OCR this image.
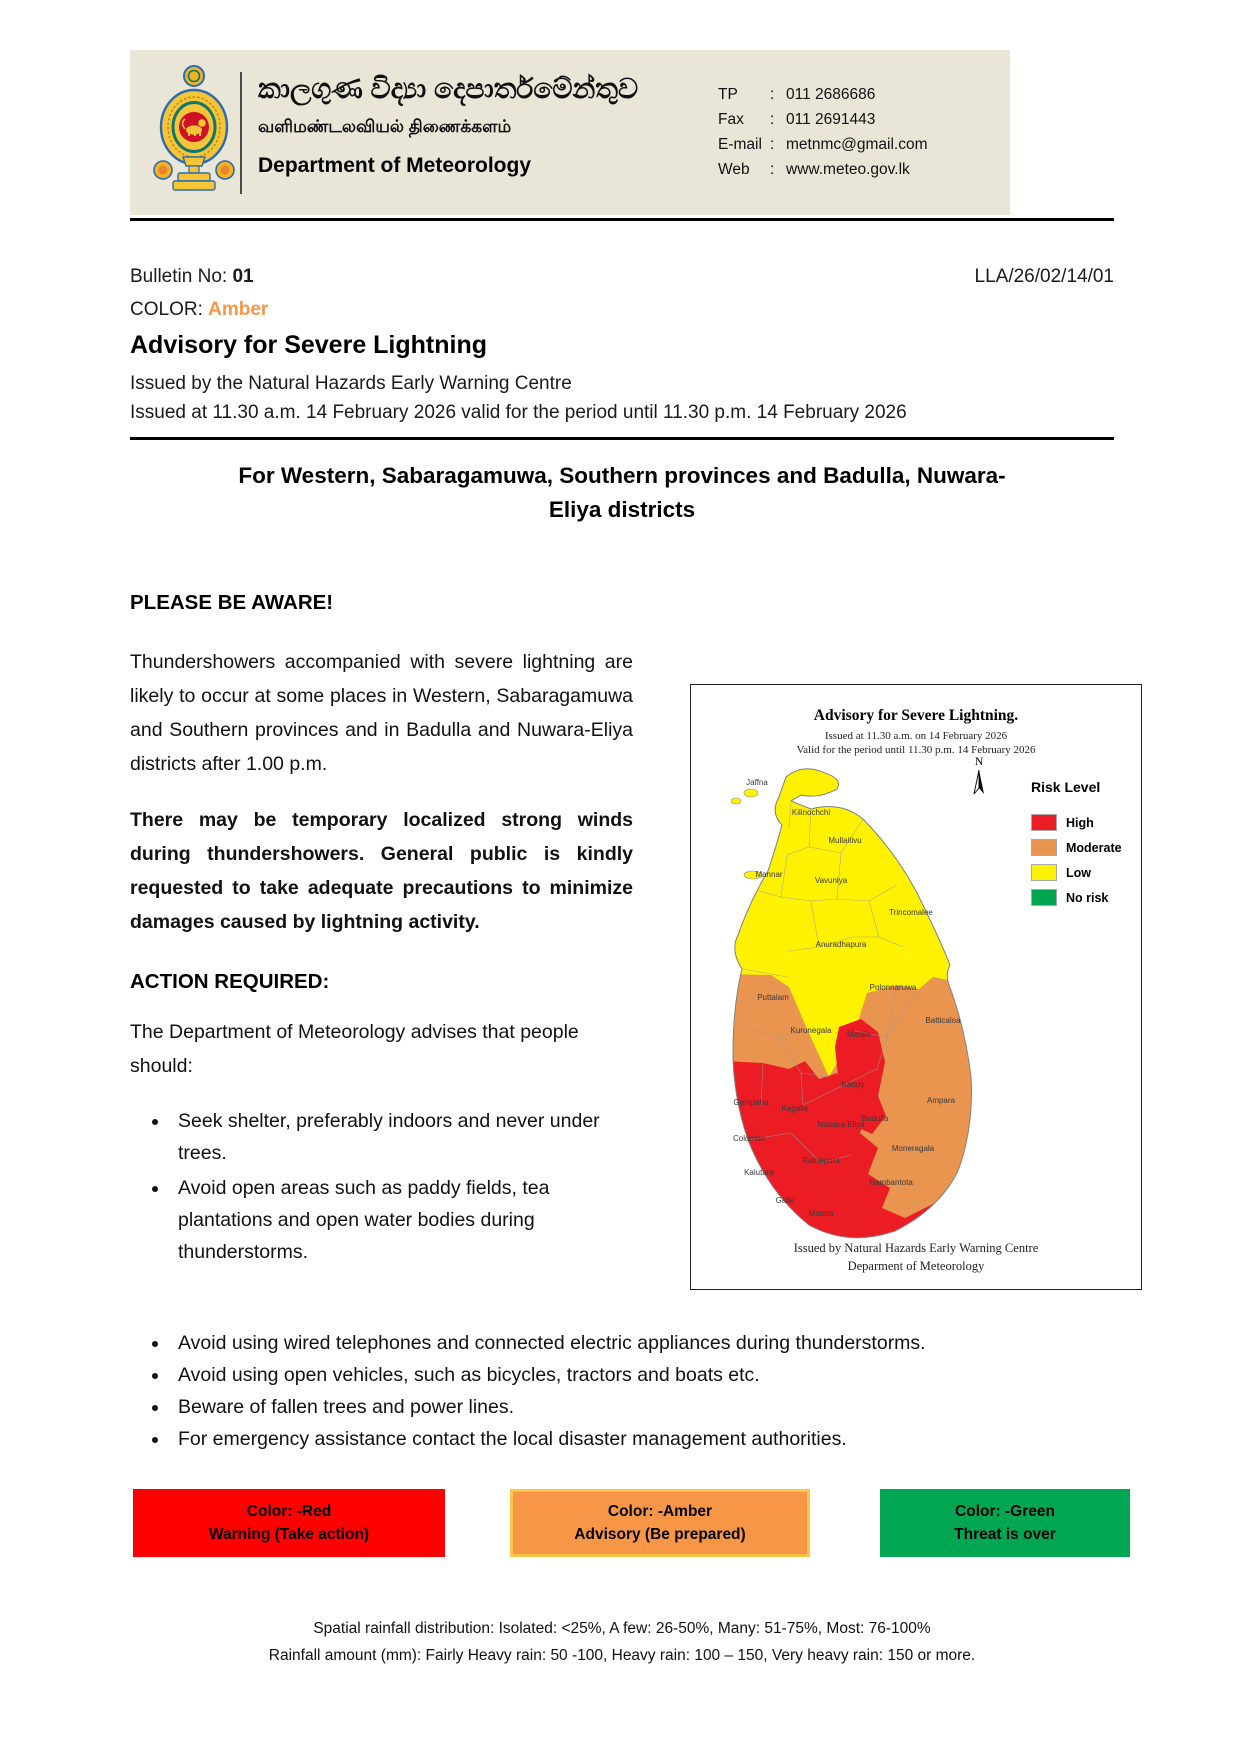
කාලගුණ විද්‍යා දෙපාර්තමේන්තුව
வளிமண்டலவியல் திணைக்களம்
Department of Meteorology
TP	: 011 2686686
Fax	: 011 2691443
E-mail : metnmc@gmail.com
Web	: www.meteo.gov.lk
Bulletin No: 01	LLA/26/02/14/01
COLOR: Amber
Advisory for Severe Lightning
Issued by the Natural Hazards Early Warning Centre
Issued at 11.30 a.m. 14 February 2026 valid for the period until 11.30 p.m. 14 February 2026
For Western, Sabaragamuwa, Southern provinces and Badulla, Nuwara-
Eliya districts
PLEASE BE AWARE!

Thundershowers accompanied with severe lightning are likely to occur at some places in Western, Sabaragamuwa and Southern provinces and in Badulla and Nuwara-Eliya districts after 1.00 p.m.

There may be temporary localized strong winds during thundershowers. General public is kindly requested to take adequate precautions to minimize damages caused by lightning activity.

ACTION REQUIRED:

The Department of Meteorology advises that people should:

• Seek shelter, preferably indoors and never under trees.
• Avoid open areas such as paddy fields, tea plantations and open water bodies during thunderstorms.
Jaffna
Kilinochchi
Mullaitivu
Mannar
Vavuniya
Trincomalee
Anuradhapura
Puttalam
Polonnaruwa
Batticaloa
Kurunegala Matale
Kandy
Ampara
Gampaha
Kegalle
Nuwara Eliya
Badulla
Colombo
Moneragala
Kalutara
Ratnapura
Hambantota
Galle
Matara
Advisory for Severe Lightning.
Issued at 11.30 a.m. on 14 February 2026
Valid for the period until 11.30 p.m. 14 February 2026
N
Risk Level
High
Moderate
Low
No risk
Issued by Natural Hazards Early Warning Centre
Deparment of Meteorology
• Avoid using wired telephones and connected electric appliances during thunderstorms.
• Avoid using open vehicles, such as bicycles, tractors and boats etc.
• Beware of fallen trees and power lines.
• For emergency assistance contact the local disaster management authorities.
Color: -Red
Warning (Take action)
Color: -Amber
Advisory (Be prepared)
Color: -Green
Threat is over
Spatial rainfall distribution: Isolated: <25%, A few: 26-50%, Many: 51-75%, Most: 76-100%
Rainfall amount (mm): Fairly Heavy rain: 50 -100, Heavy rain: 100 – 150, Very heavy rain: 150 or more.
